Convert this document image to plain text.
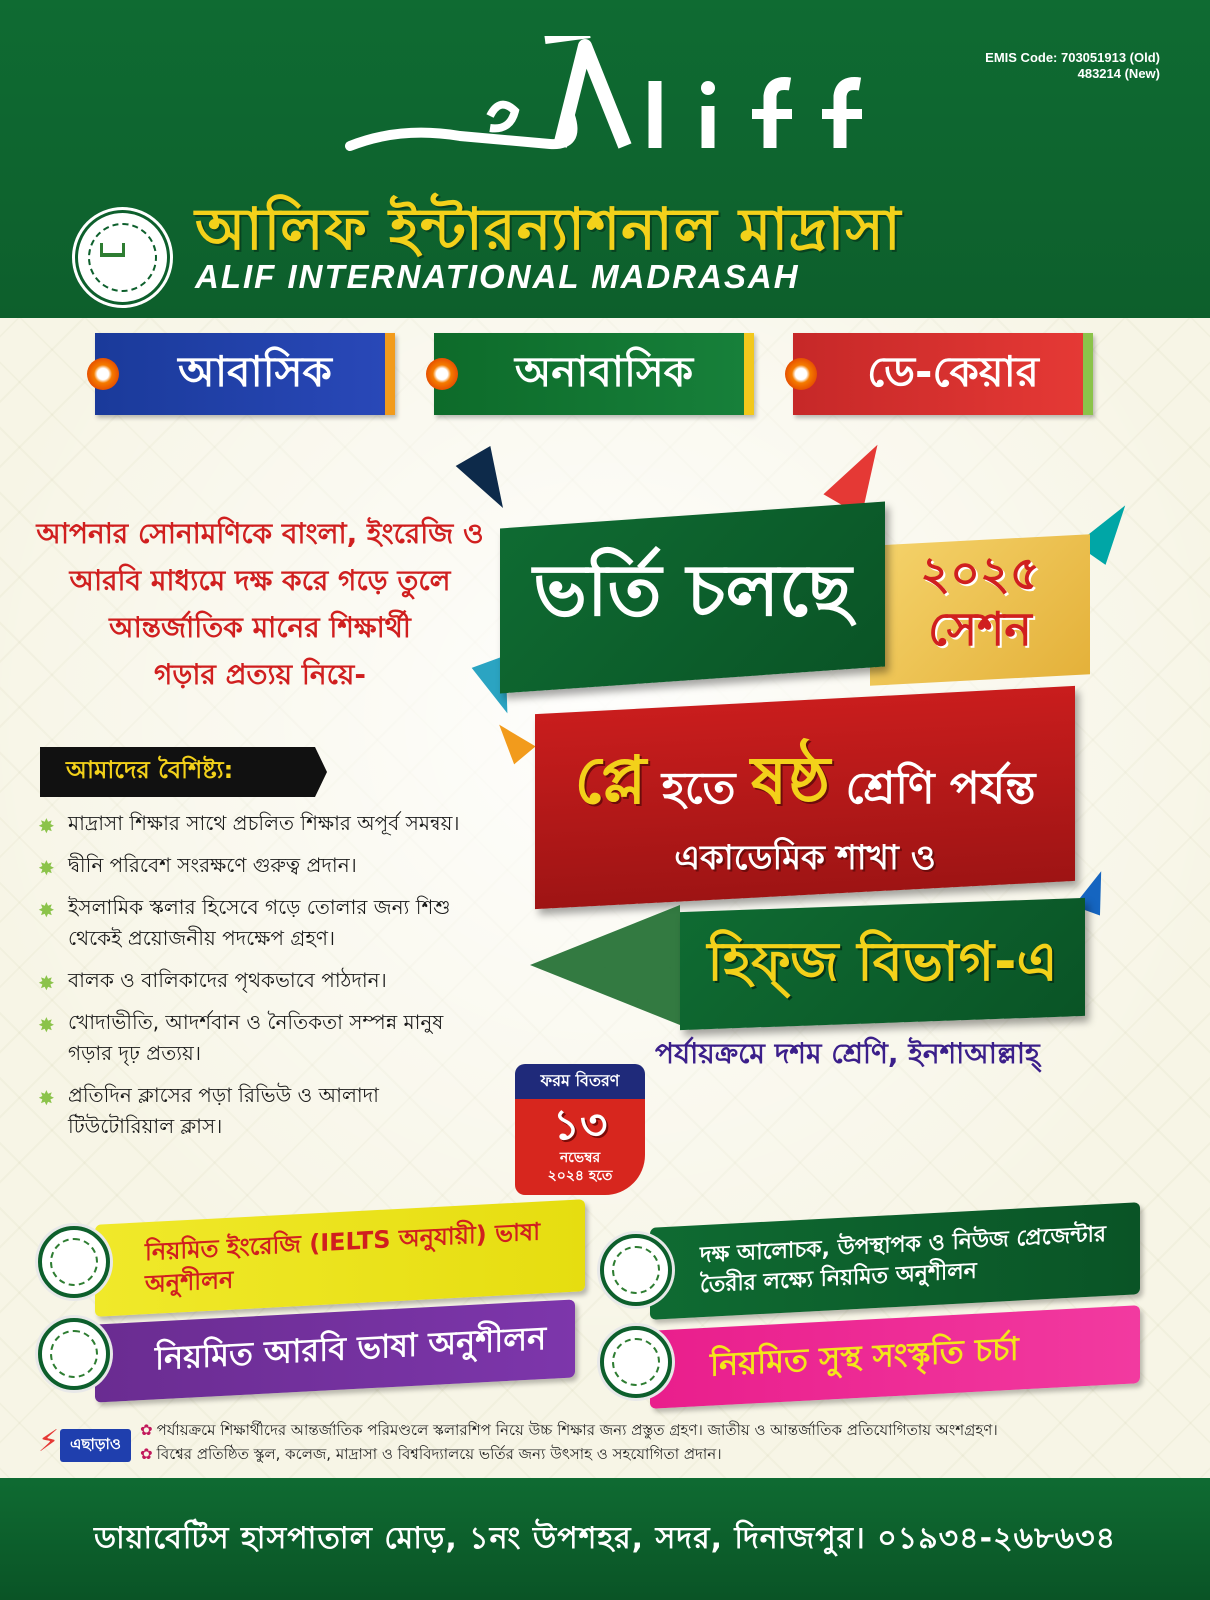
EMIS Code: 703051913 (Old)
483214 (New)
আলিফ ইন্টারন্যাশনাল মাদ্রাসা
ALIF INTERNATIONAL MADRASAH
আবাসিক	অনাবাসিক	ডে-কেয়ার
আপনার সোনামণিকে বাংলা, ইংরেজি ও
আরবি মাধ্যমে দক্ষ করে গড়ে তুলে
আন্তর্জাতিক মানের শিক্ষার্থী
গড়ার প্রত্যয় নিয়ে-
আমাদের বৈশিষ্ট্য:
✸ মাদ্রাসা শিক্ষার সাথে প্রচলিত শিক্ষার অপূর্ব সমন্বয়।
✸ দ্বীনি পরিবেশ সংরক্ষণে গুরুত্ব প্রদান।
✸ ইসলামিক স্কলার হিসেবে গড়ে তোলার জন্য শিশু থেকেই প্রয়োজনীয় পদক্ষেপ গ্রহণ।
✸ বালক ও বালিকাদের পৃথকভাবে পাঠদান।
✸ খোদাভীতি, আদর্শবান ও নৈতিকতা সম্পন্ন মানুষ গড়ার দৃঢ় প্রত্যয়।
✸ প্রতিদিন ক্লাসের পড়া রিভিউ ও আলাদা টিউটোরিয়াল ক্লাস।
২০২৫
সেশন
ভর্তি চলছে
প্লে হতে ষষ্ঠ শ্রেণি পর্যন্ত
একাডেমিক শাখা ও
হিফ্জ বিভাগ-এ
পর্যায়ক্রমে দশম শ্রেণি, ইনশাআল্লাহ্
ফরম বিতরণ
১৩
নভেম্বর
২০২৪ হতে
নিয়মিত ইংরেজি (IELTS অনুযায়ী) ভাষা অনুশীলন
নিয়মিত আরবি ভাষা অনুশীলন
দক্ষ আলোচক, উপস্থাপক ও নিউজ প্রেজেন্টার তৈরীর লক্ষ্যে নিয়মিত অনুশীলন
নিয়মিত সুস্থ সংস্কৃতি চর্চা
⚡ এছাড়াও
✿ পর্যায়ক্রমে শিক্ষার্থীদের আন্তর্জাতিক পরিমণ্ডলে স্কলারশিপ নিয়ে উচ্চ শিক্ষার জন্য প্রস্তুত গ্রহণ। জাতীয় ও আন্তর্জাতিক প্রতিযোগিতায় অংশগ্রহণ।
✿ বিশ্বের প্রতিষ্ঠিত স্কুল, কলেজ, মাদ্রাসা ও বিশ্ববিদ্যালয়ে ভর্তির জন্য উৎসাহ ও সহযোগিতা প্রদান।
ডায়াবেটিস হাসপাতাল মোড়, ১নং উপশহর, সদর, দিনাজপুর। ০১৯৩৪-২৬৮৬৩৪
